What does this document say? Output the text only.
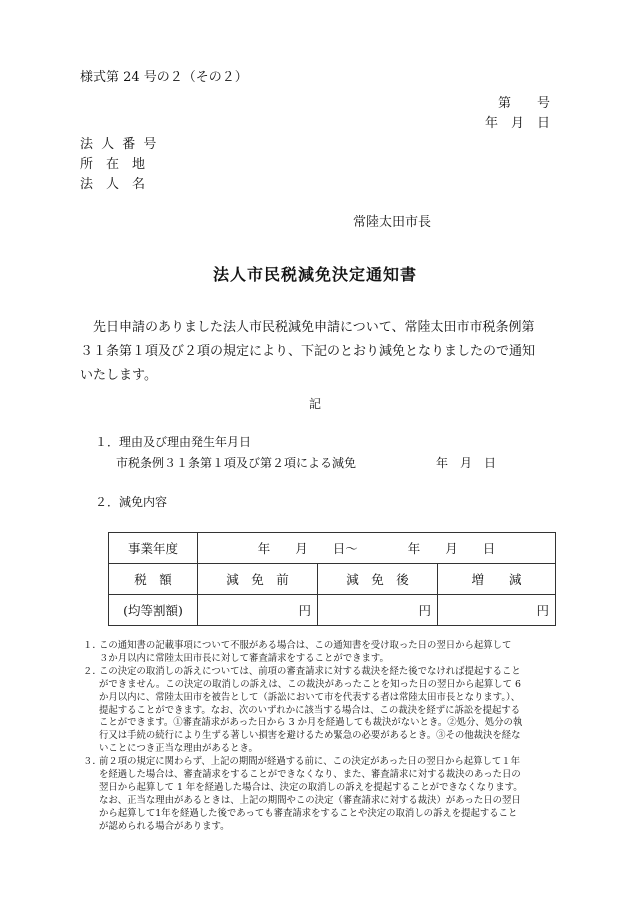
様式第 24 号の２（その２）
第　　号
年　月　日
法 人 番 号
所　在　地
法　人　名
常陸太田市長
法人市民税減免決定通知書
先日申請のありました法人市民税減免申請について、常陸太田市市税条例第
３１条第１項及び２項の規定により、下記のとおり減免となりましたので通知
いたします。
記
１．理由及び理由発生年月日
市税条例３１条第１項及び第２項による減免	年　月　日
２．減免内容
事業年度	年　　月　　日～　　　　年　　月　　日		
税　額	減　免　前	減　免　後	増　　減
(均等割額)	円	円	円
１．
この通知書の記載事項について不服がある場合は、この通知書を受け取った日の翌日から起算して
３か月以内に常陸太田市長に対して審査請求をすることができます。
２．
この決定の取消しの訴えについては、前項の審査請求に対する裁決を経た後でなければ提起すること
ができません。この決定の取消しの訴えは、この裁決があったことを知った日の翌日から起算して 6
か月以内に、常陸太田市を被告として（訴訟において市を代表する者は常陸太田市長となります。）、
提起することができます。なお、次のいずれかに該当する場合は、この裁決を経ずに訴訟を提起する
ことができます。①審査請求があった日から 3 か月を経過しても裁決がないとき。②処分、処分の執
行又は手続の続行により生ずる著しい損害を避けるため緊急の必要があるとき。③その他裁決を経な
いことにつき正当な理由があるとき。
３．
前２項の規定に関わらず、上記の期間が経過する前に、この決定があった日の翌日から起算して１年
を経過した場合は、審査請求をすることができなくなり、また、審査請求に対する裁決のあった日の
翌日から起算して 1 年を経過した場合は、決定の取消しの訴えを提起することができなくなります。
なお、正当な理由があるときは、上記の期間やこの決定（審査請求に対する裁決）があった日の翌日
から起算して1年を経過した後であっても審査請求をすることや決定の取消しの訴えを提起すること
が認められる場合があります。
